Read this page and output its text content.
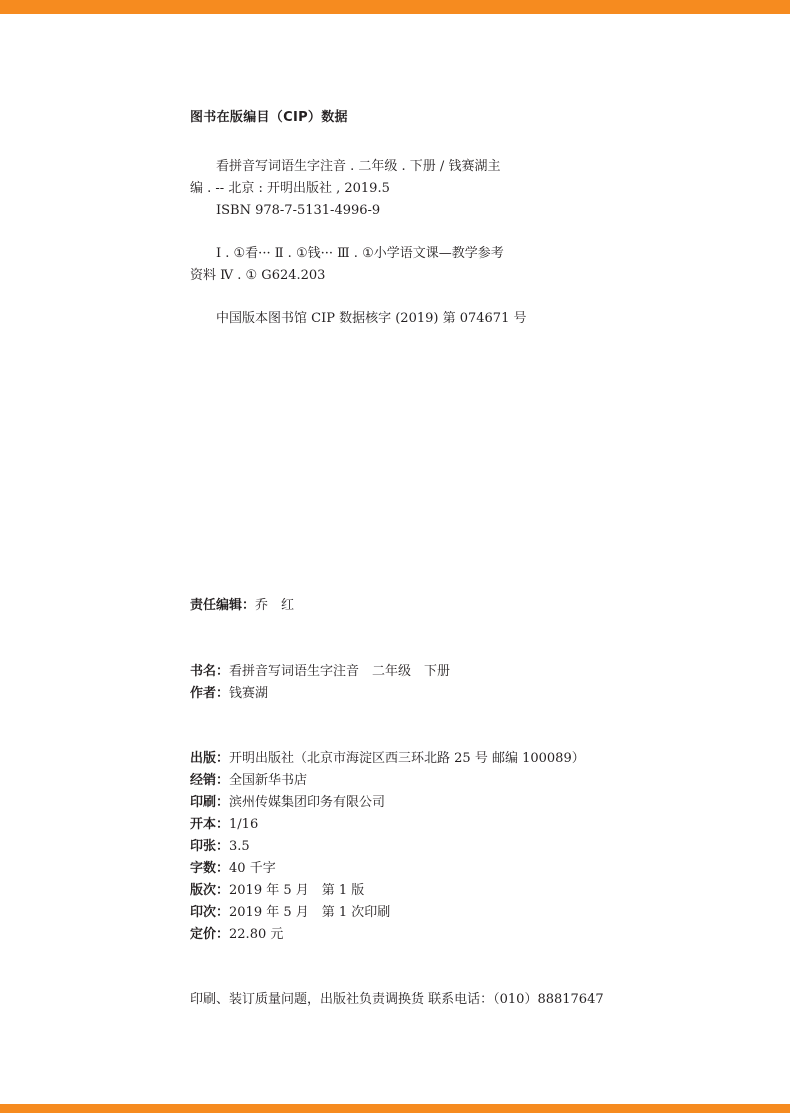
图书在版编目（CIP）数据
看拼音写词语生字注音 . 二年级 . 下册 / 钱赛湖主
编 . -- 北京 : 开明出版社 , 2019.5
ISBN 978-7-5131-4996-9
Ⅰ . ①看··· Ⅱ . ①钱··· Ⅲ . ①小学语文课—教学参考
资料 Ⅳ . ① G624.203
中国版本图书馆 CIP 数据核字 (2019) 第 074671 号
责任编辑：乔　红
书名：看拼音写词语生字注音　二年级　下册
作者：钱赛湖
出版：开明出版社（北京市海淀区西三环北路 25 号 邮编 100089）
经销：全国新华书店
印刷：滨州传媒集团印务有限公司
开本：1/16
印张：3.5
字数：40 千字
版次：2019 年 5 月　第 1 版
印次：2019 年 5 月　第 1 次印刷
定价：22.80 元
印刷、装订质量问题，出版社负责调换货 联系电话：（010）88817647
